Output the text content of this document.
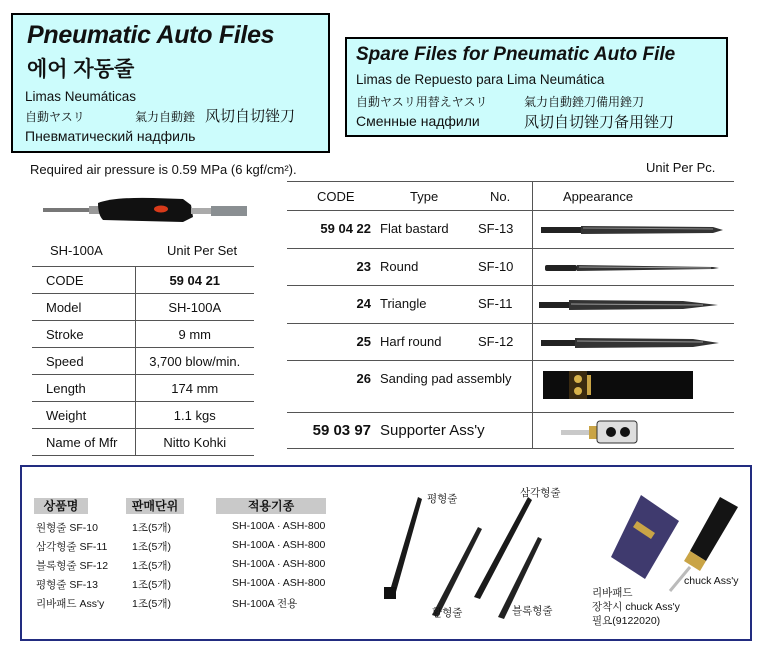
Pneumatic Auto Files
에어 자동줄
Limas Neumáticas
自動ヤスリ	氣力自動銼 风切自切锉刀
Пневматический надфиль
Spare Files for Pneumatic Auto File
Limas de Repuesto para Lima Neumática
自動ヤスリ用替えヤスリ	氣力自動銼刀備用銼刀
Сменные надфили	风切自切锉刀备用锉刀
Required air pressure is 0.59 MPa (6 kgf/cm²).	Unit Per Pc.
SH-100A	Unit Per Set
CODE	59 04 21
Model	SH-100A
Stroke	9 mm
Speed	3,700 blow/min.
Length	174 mm
Weight	1.1 kgs
Name of Mfr	Nitto Kohki
CODE	Type	No.	Appearance
59 04 22 Flat bastard SF-13
23 Round	SF-10
24 Triangle	SF-11
25 Harf round	SF-12
26 Sanding pad assembly
59 03 97 Supporter Ass'y
상품명	판매단위	적용기종
원형줄 SF-10	1조(5개)	SH-100A · ASH-800
삼각형줄 SF-11 1조(5개)	SH-100A · ASH-800
블록형줄 SF-12 1조(5개)	SH-100A · ASH-800
평형줄 SF-13	1조(5개)	SH-100A · ASH-800
리바패드 Ass'y	1조(5개)	SH-100A 전용
평형줄	삼각형줄
환형줄	블록형줄
리바패드
장착시 chuck Ass'y
필요(9122020)
chuck Ass'y
